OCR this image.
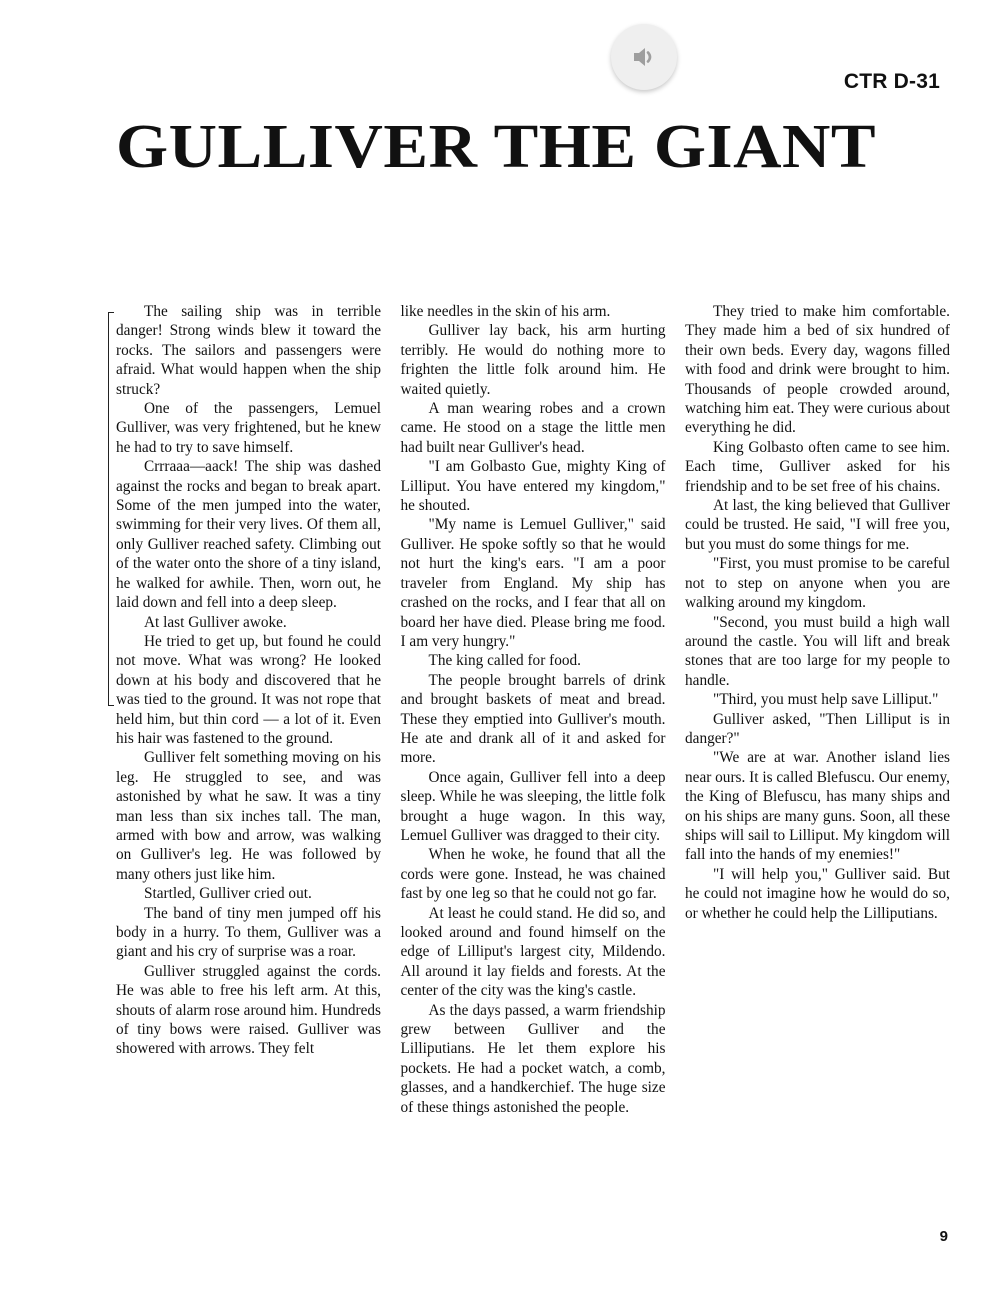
CTR D-31
GULLIVER THE GIANT

The sailing ship was in terrible danger! Strong winds blew it toward the rocks. The sailors and passengers were afraid. What would happen when the ship struck?

One of the passengers, Lemuel Gulliver, was very frightened, but he knew he had to try to save himself.

Crrraaa—aack! The ship was dashed against the rocks and began to break apart. Some of the men jumped into the water, swimming for their very lives. Of them all, only Gulliver reached safety. Climbing out of the water onto the shore of a tiny island, he walked for awhile. Then, worn out, he laid down and fell into a deep sleep.

At last Gulliver awoke.

He tried to get up, but found he could not move. What was wrong? He looked down at his body and discovered that he was tied to the ground. It was not rope that held him, but thin cord — a lot of it. Even his hair was fastened to the ground.

Gulliver felt something moving on his leg. He struggled to see, and was astonished by what he saw. It was a tiny man less than six inches tall. The man, armed with bow and arrow, was walking on Gulliver's leg. He was followed by many others just like him.

Startled, Gulliver cried out.

The band of tiny men jumped off his body in a hurry. To them, Gulliver was a giant and his cry of surprise was a roar.

Gulliver struggled against the cords. He was able to free his left arm. At this, shouts of alarm rose around him. Hundreds of tiny bows were raised. Gulliver was showered with arrows. They felt

like needles in the skin of his arm.

Gulliver lay back, his arm hurting terribly. He would do nothing more to frighten the little folk around him. He waited quietly.

A man wearing robes and a crown came. He stood on a stage the little men had built near Gulliver's head.

"I am Golbasto Gue, mighty King of Lilliput. You have entered my kingdom," he shouted.

"My name is Lemuel Gulliver," said Gulliver. He spoke softly so that he would not hurt the king's ears. "I am a poor traveler from England. My ship has crashed on the rocks, and I fear that all on board her have died. Please bring me food. I am very hungry."

The king called for food.

The people brought barrels of drink and brought baskets of meat and bread. These they emptied into Gulliver's mouth. He ate and drank all of it and asked for more.

Once again, Gulliver fell into a deep sleep. While he was sleeping, the little folk brought a huge wagon. In this way, Lemuel Gulliver was dragged to their city.

When he woke, he found that all the cords were gone. Instead, he was chained fast by one leg so that he could not go far.

At least he could stand. He did so, and looked around and found himself on the edge of Lilliput's largest city, Mildendo. All around it lay fields and forests. At the center of the city was the king's castle.

As the days passed, a warm friendship grew between Gulliver and the Lilliputians. He let them explore his pockets. He had a pocket watch, a comb, glasses, and a handkerchief. The huge size of these things astonished the people.

They tried to make him comfortable. They made him a bed of six hundred of their own beds. Every day, wagons filled with food and drink were brought to him. Thousands of people crowded around, watching him eat. They were curious about everything he did.

King Golbasto often came to see him. Each time, Gulliver asked for his friendship and to be set free of his chains.

At last, the king believed that Gulliver could be trusted. He said, "I will free you, but you must do some things for me.

"First, you must promise to be careful not to step on anyone when you are walking around my kingdom.

"Second, you must build a high wall around the castle. You will lift and break stones that are too large for my people to handle.

"Third, you must help save Lilliput."

Gulliver asked, "Then Lilliput is in danger?"

"We are at war. Another island lies near ours. It is called Blefuscu. Our enemy, the King of Blefuscu, has many ships and on his ships are many guns. Soon, all these ships will sail to Lilliput. My kingdom will fall into the hands of my enemies!"

"I will help you," Gulliver said. But he could not imagine how he would do so, or whether he could help the Lilliputians.

9
